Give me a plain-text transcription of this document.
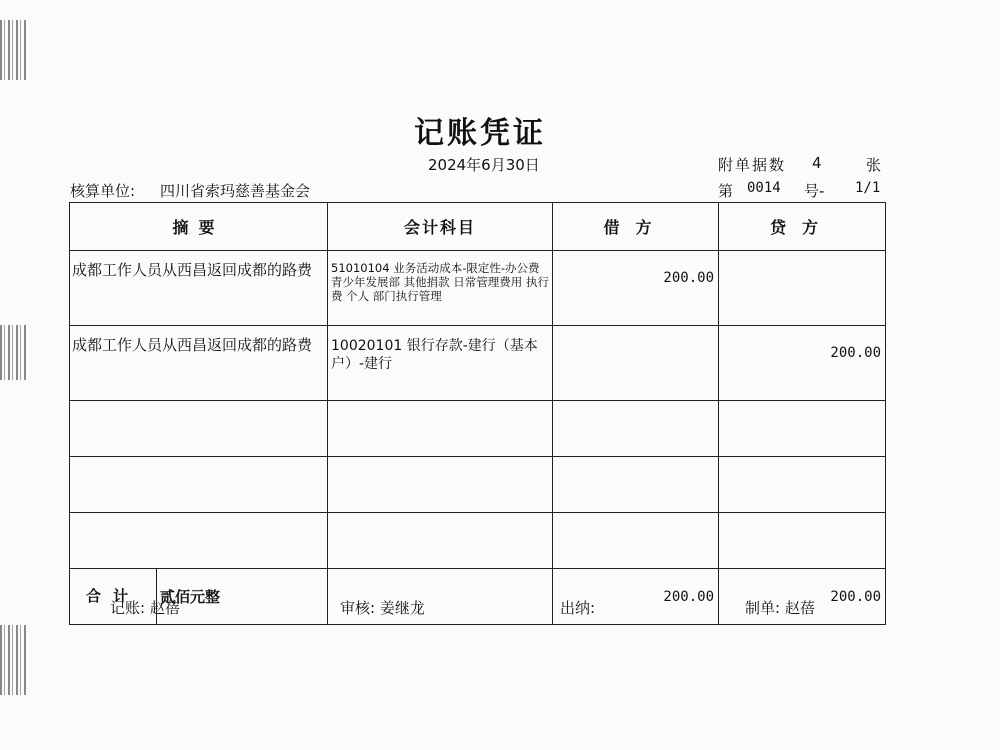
记账凭证
2024年6月30日	附单据数 4	张
核算单位: 四川省索玛慈善基金会	第 0014 号- 1/1
摘要	会计科目	借方	贷方
成都工作人员从西昌返回成都的路费	51010104 业务活动成本-限定性-办公费 青少年发展部 其他捐款 日常管理费用 执行费 个人 部门执行管理	200.00	
成都工作人员从西昌返回成都的路费	10020101 银行存款-建行（基本户）-建行		200.00

合计 贰佰元整		200.00	200.00
记账: 赵蓓	审核: 姜继龙	出纳:	制单: 赵蓓
